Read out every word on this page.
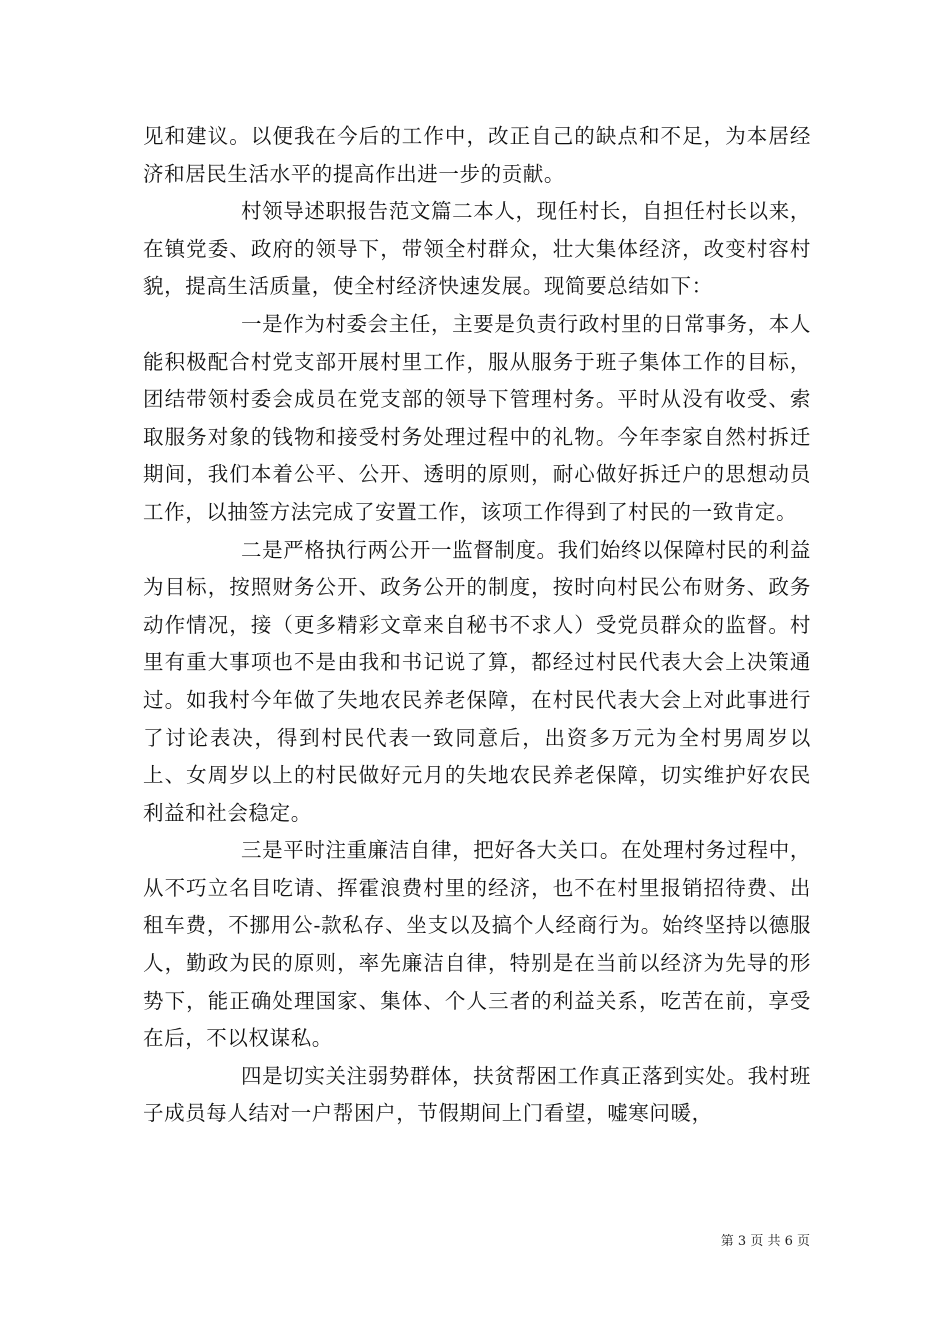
见和建议。以便我在今后的工作中，改正自己的缺点和不足，为本居经济和居民生活水平的提高作出进一步的贡献。

村领导述职报告范文篇二本人，现任村长，自担任村长以来，在镇党委、政府的领导下，带领全村群众，壮大集体经济，改变村容村貌，提高生活质量，使全村经济快速发展。现简要总结如下：

一是作为村委会主任，主要是负责行政村里的日常事务，本人能积极配合村党支部开展村里工作，服从服务于班子集体工作的目标，团结带领村委会成员在党支部的领导下管理村务。平时从没有收受、索取服务对象的钱物和接受村务处理过程中的礼物。今年李家自然村拆迁期间，我们本着公平、公开、透明的原则，耐心做好拆迁户的思想动员工作，以抽签方法完成了安置工作，该项工作得到了村民的一致肯定。

二是严格执行两公开一监督制度。我们始终以保障村民的利益为目标，按照财务公开、政务公开的制度，按时向村民公布财务、政务动作情况，接（更多精彩文章来自秘书不求人）受党员群众的监督。村里有重大事项也不是由我和书记说了算，都经过村民代表大会上决策通过。如我村今年做了失地农民养老保障，在村民代表大会上对此事进行了讨论表决，得到村民代表一致同意后，出资多万元为全村男周岁以上、女周岁以上的村民做好元月的失地农民养老保障，切实维护好农民利益和社会稳定。

三是平时注重廉洁自律，把好各大关口。在处理村务过程中，从不巧立名目吃请、挥霍浪费村里的经济，也不在村里报销招待费、出租车费，不挪用公-款私存、坐支以及搞个人经商行为。始终坚持以德服人，勤政为民的原则，率先廉洁自律，特别是在当前以经济为先导的形势下，能正确处理国家、集体、个人三者的利益关系，吃苦在前，享受在后，不以权谋私。

四是切实关注弱势群体，扶贫帮困工作真正落到实处。我村班子成员每人结对一户帮困户，节假期间上门看望，嘘寒问暖，

第 3 页 共 6 页
